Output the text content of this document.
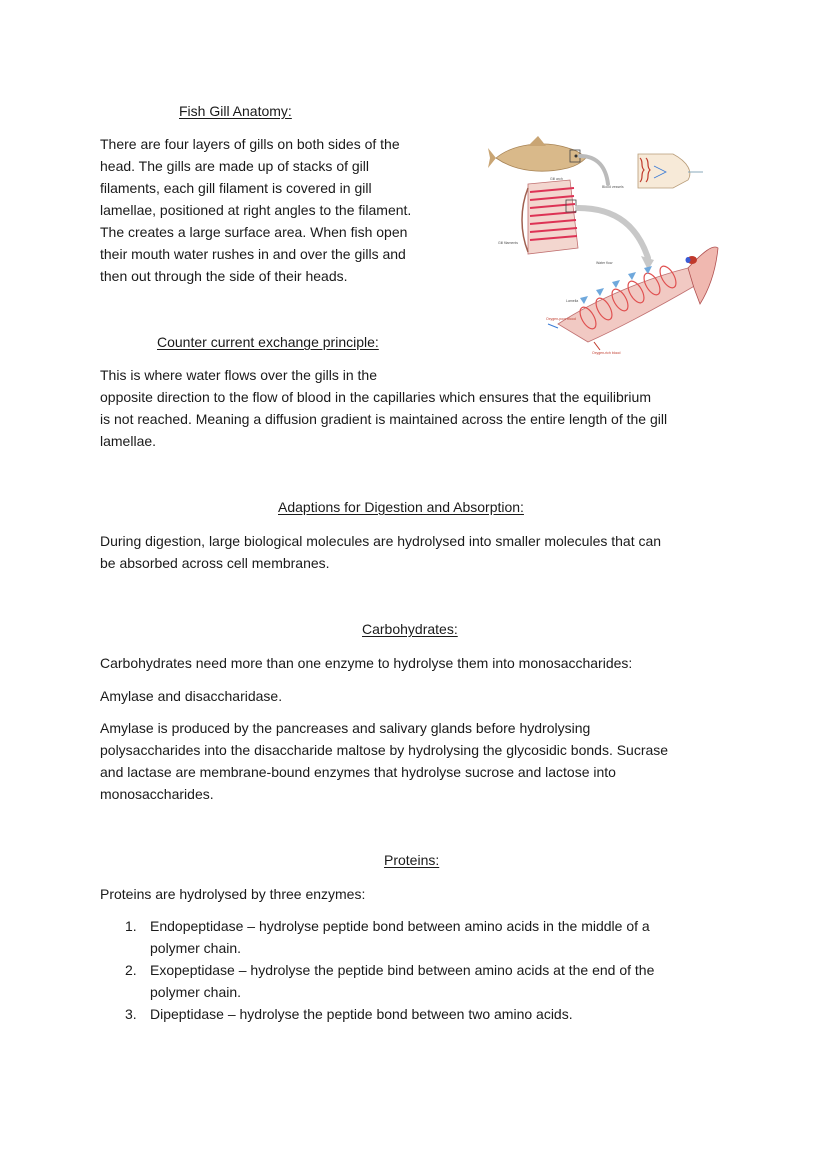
Fish Gill Anatomy:

There are four layers of gills on both sides of the
head. The gills are made up of stacks of gill
filaments, each gill filament is covered in gill
lamellae, positioned at right angles to the filament.
The creates a large surface area. When fish open
their mouth water rushes in and over the gills and
then out through the side of their heads.

Gill arch
Blood vessels
Gill filaments
Water flow
Lamella
Oxygen-poor blood
Oxygen-rich blood
Counter current exchange principle:

This is where water flows over the gills in the
opposite direction to the flow of blood in the capillaries which ensures that the equilibrium
is not reached. Meaning a diffusion gradient is maintained across the entire length of the gill
lamellae.

Adaptions for Digestion and Absorption:

During digestion, large biological molecules are hydrolysed into smaller molecules that can
be absorbed across cell membranes.

Carbohydrates:

Carbohydrates need more than one enzyme to hydrolyse them into monosaccharides:

Amylase and disaccharidase.

Amylase is produced by the pancreases and salivary glands before hydrolysing
polysaccharides into the disaccharide maltose by hydrolysing the glycosidic bonds. Sucrase
and lactase are membrane-bound enzymes that hydrolyse sucrose and lactose into
monosaccharides.

Proteins:

Proteins are hydrolysed by three enzymes:

1. Endopeptidase – hydrolyse peptide bond between amino acids in the middle of a
polymer chain.
2. Exopeptidase – hydrolyse the peptide bind between amino acids at the end of the
polymer chain.
3. Dipeptidase – hydrolyse the peptide bond between two amino acids.
